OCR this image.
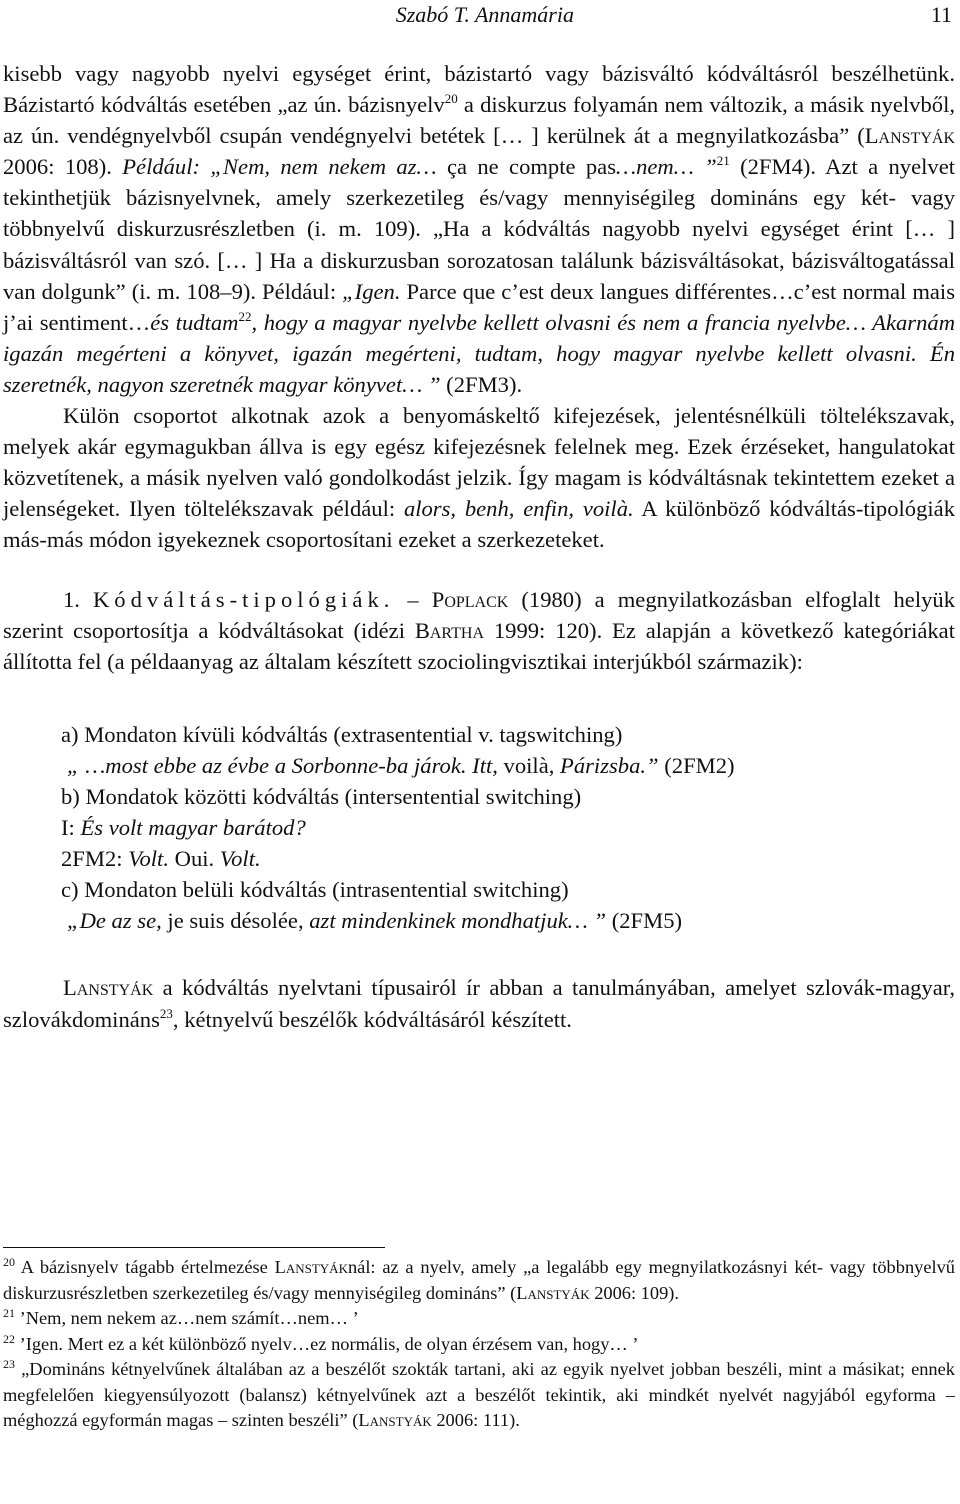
Szabó T. Annamária	11

kisebb vagy nagyobb nyelvi egységet érint, bázistartó vagy bázisváltó kódváltásról beszélhetünk. Bázistartó kódváltás esetében „az ún. bázisnyelv$^{20}$ a diskurzus folyamán nem változik, a másik nyelvből, az ún. vendégnyelvből csupán vendégnyelvi betétek [… ] kerülnek át a megnyilatkozásba” (Lanstyák 2006: 108). Például: „Nem, nem nekem az… ça ne compte pas…nem… ”$^{21}$ (2FM4). Azt a nyelvet tekinthetjük bázisnyelvnek, amely szerkezetileg és/vagy mennyiségileg domináns egy két- vagy többnyelvű diskurzusrészletben (i. m. 109). „Ha a kódváltás nagyobb nyelvi egységet érint [… ] bázisváltásról van szó. [… ] Ha a diskurzusban sorozatosan találunk bázisváltásokat, bázisváltogatással van dolgunk” (i. m. 108–9). Például: „Igen. Parce que c’est deux langues différentes…c’est normal mais j’ai sentiment…és tudtam$^{22}$, hogy a magyar nyelvbe kellett olvasni és nem a francia nyelvbe… Akarnám igazán megérteni a könyvet, igazán megérteni, tudtam, hogy magyar nyelvbe kellett olvasni. Én szeretnék, nagyon szeretnék magyar könyvet… ” (2FM3).

Külön csoportot alkotnak azok a benyomáskeltő kifejezések, jelentésnélküli töltelékszavak, melyek akár egymagukban állva is egy egész kifejezésnek felelnek meg. Ezek érzéseket, hangulatokat közvetítenek, a másik nyelven való gondolkodást jelzik. Így magam is kódváltásnak tekintettem ezeket a jelenségeket. Ilyen töltelékszavak például: alors, benh, enfin, voilà. A különböző kódváltás-tipológiák más-más módon igyekeznek csoportosítani ezeket a szerkezeteket.

1. Kódváltás-tipológiák. – Poplack (1980) a megnyilatkozásban elfoglalt helyük szerint csoportosítja a kódváltásokat (idézi Bartha 1999: 120). Ez alapján a következő kategóriákat állította fel (a példaanyag az általam készített szociolingvisztikai interjúkból származik):

a) Mondaton kívüli kódváltás (extrasentential v. tagswitching)

„ …most ebbe az évbe a Sorbonne-ba járok. Itt, voilà, Párizsba.” (2FM2)

b) Mondatok közötti kódváltás (intersentential switching)

I: És volt magyar barátod?

2FM2: Volt. Oui. Volt.

c) Mondaton belüli kódváltás (intrasentential switching)

„De az se, je suis désolée, azt mindenkinek mondhatjuk… ” (2FM5)

Lanstyák a kódváltás nyelvtani típusairól ír abban a tanulmányában, amelyet szlovák-magyar, szlovákdomináns$^{23}$, kétnyelvű beszélők kódváltásáról készített.

$^{20}$ A bázisnyelv tágabb értelmezése Lanstyáknál: az a nyelv, amely „a legalább egy megnyilatkozásnyi két- vagy többnyelvű diskurzusrészletben szerkezetileg és/vagy mennyiségileg domináns” (Lanstyák 2006: 109).

$^{21}$ ’Nem, nem nekem az…nem számít…nem… ’

$^{22}$ ’Igen. Mert ez a két különböző nyelv…ez normális, de olyan érzésem van, hogy… ’

$^{23}$ „Domináns kétnyelvűnek általában az a beszélőt szokták tartani, aki az egyik nyelvet jobban beszéli, mint a másikat; ennek megfelelően kiegyensúlyozott (balansz) kétnyelvűnek azt a beszélőt tekintik, aki mindkét nyelvét nagyjából egyforma – méghozzá egyformán magas – szinten beszéli” (Lanstyák 2006: 111).
